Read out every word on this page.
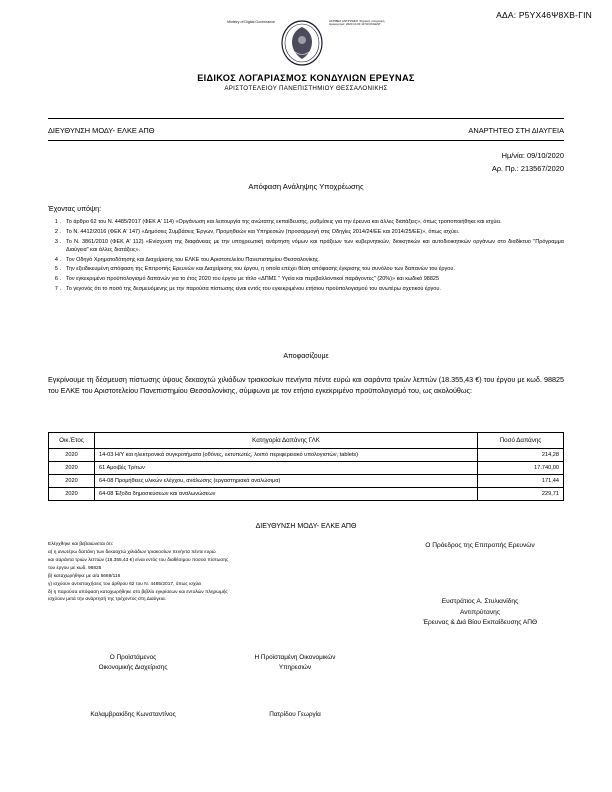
ΑΔΑ: Ρ5ΥΧ46Ψ8ΧΒ-ΓΙΝ
Ministry of Digital Governance	ΑΚΡΙΒΕΣ ΑΝΤΙΓΡΑΦΟ Ψηφιακή υπογραφή Ημερομηνία: 2020.10.09 13:50:00 EEST
ΕΙΔΙΚΟΣ ΛΟΓΑΡΙΑΣΜΟΣ ΚΟΝΔΥΛΙΩΝ ΕΡΕΥΝΑΣ
ΑΡΙΣΤΟΤΕΛΕΙΟΥ ΠΑΝΕΠΙΣΤΗΜΙΟΥ ΘΕΣΣΑΛΟΝΙΚΗΣ
ΔΙΕΥΘΥΝΣΗ ΜΟΔΥ- ΕΛΚΕ ΑΠΘ	ΑΝΑΡΤΗΤΕΟ ΣΤΗ ΔΙΑΥΓΕΙΑ
Ημ/νία: 09/10/2020
Αρ. Πρ.: 213567/2020
Απόφαση Ανάληψης Υποχρέωσης
Έχοντας υπόψη:
1 . Το άρθρο 62 του Ν. 4485/2017 (ΦΕΚ Α' 114) «Οργάνωση και λειτουργία της ανώτατης εκπαίδευσης, ρυθμίσεις για την έρευνα και άλλες διατάξεις», όπως τροποποιήθηκε και ισχύει.
2 . Το Ν. 4412/2016 (ΦΕΚ Α' 147) «Δημόσιες Συμβάσεις Έργων, Προμηθειών και Υπηρεσιών (προσαρμογή στις Οδηγίες 2014/24/ΕΕ και 2014/25/ΕΕ)», όπως ισχύει.
3 . Το Ν. 3861/2010 (ΦΕΚ Α' 112) «Ενίσχυση της διαφάνειας με την υποχρεωτική ανάρτηση νόμων και πράξεων των κυβερνητικών, διοικητικών και αυτοδιοικητικών οργάνων στο διαδίκτυο "Πρόγραμμα Διαύγεια" και άλλες διατάξεις».
4 . Τον Οδηγό Χρηματοδότησης και Διαχείρισης του ΕΛΚΕ του Αριστοτελείου Πανεπιστημίου Θεσσαλονίκης.
5 . Την εξειδικευμένη απόφαση της Επιτροπής Ερευνών και Διαχείρισης του έργου, η οποία επέχει θέση απόφασης έγκρισης του συνόλου των δαπανών του έργου.
6 . Τον εγκεκριμένο προϋπολογισμό δαπανών για το έτος 2020 του έργου με τίτλο «ΔΠΜΣ " Υγεία και περιβαλλοντικοί παράγοντες" (20%)» και κωδικό 98825
7 . Το γεγονός ότι το ποσό της δεσμευόμενης με την παρούσα πίστωσης είναι εντός του εγκεκριμένου ετήσιου προϋπολογισμού του ανωτέρω σχετικού έργου.
Αποφασίζουμε
Εγκρίνουμε τη δέσμευση πίστωσης ύψους δεκαοχτώ χιλιάδων τριακοσίων πενήντα πέντε ευρώ και σαράντα τριών λεπτών (18.355,43 €) του έργου με κωδ. 98825 του ΕΛΚΕ του Αριστοτελείου Πανεπιστημίου Θεσσαλονίκης, σύμφωνα με τον ετήσιο εγκεκριμένο προϋπολογισμό του, ως ακολούθως:
Οικ.Έτος	Κατηγορία Δαπάνης ΓΛΚ	Ποσό Δαπάνης
2020	14-03 Η/Υ και ηλεκτρονικά συγκροτήματα (οθόνες, εκτυπωτές, λοιπό περιφερειακό υπολογιστών, tablets)	214,28
2020	61 Αμοιβές Τρίτων	17.740,00
2020	64-08 Προμήθειες υλικών ελέγχου, ανάλωσης (εργαστηριακά αναλώσιμα)	171,44
2020	64-08 Έξοδα δημοσιεύσεων και αναλωνώσεων	229,71
ΔΙΕΥΘΥΝΣΗ ΜΟΔΥ- ΕΛΚΕ ΑΠΘ
Ελέγχθηκε και βεβαιώνεται ότι:
α) η ανωτέρω δαπάνη των δεκαοχτώ χιλιάδων τριακοσίων πενήντα πέντε ευρώ
και σαράντα τριών λεπτών (18.355,43 €) είναι εντός του διαθέσιμου ποσού πίστωσης
του έργου με κωδ. 98825
β) καταχωρήθηκε με α/α 5669/116
γ) ισχύουν αντιστοιχήσεις του άρθρου 62 του Ν. 4485/2017, όπως ισχύει
δ) η παρούσα απόφαση καταχωρήθηκε στο βιβλίο εγκρίσεων και εντολών πληρωμής
ισχύουν μετά την ανάρτησή της τρέχοντος στη Διαύγεια.
Ο Πρόεδρος της Επιτροπής Ερευνών
Ευστράτιος Α. Στυλιανίδης
Αντιπρύτανης
Έρευνας & Διά Βίου Εκπαίδευσης ΑΠΘ
Ο Προϊστάμενος
Οικονομικής Διαχείρισης
Η Προϊσταμένη Οικονομικών
Υπηρεσιών
Καλαμβρακίδης Κωνσταντίνος	Πατρίδου Γεωργία
